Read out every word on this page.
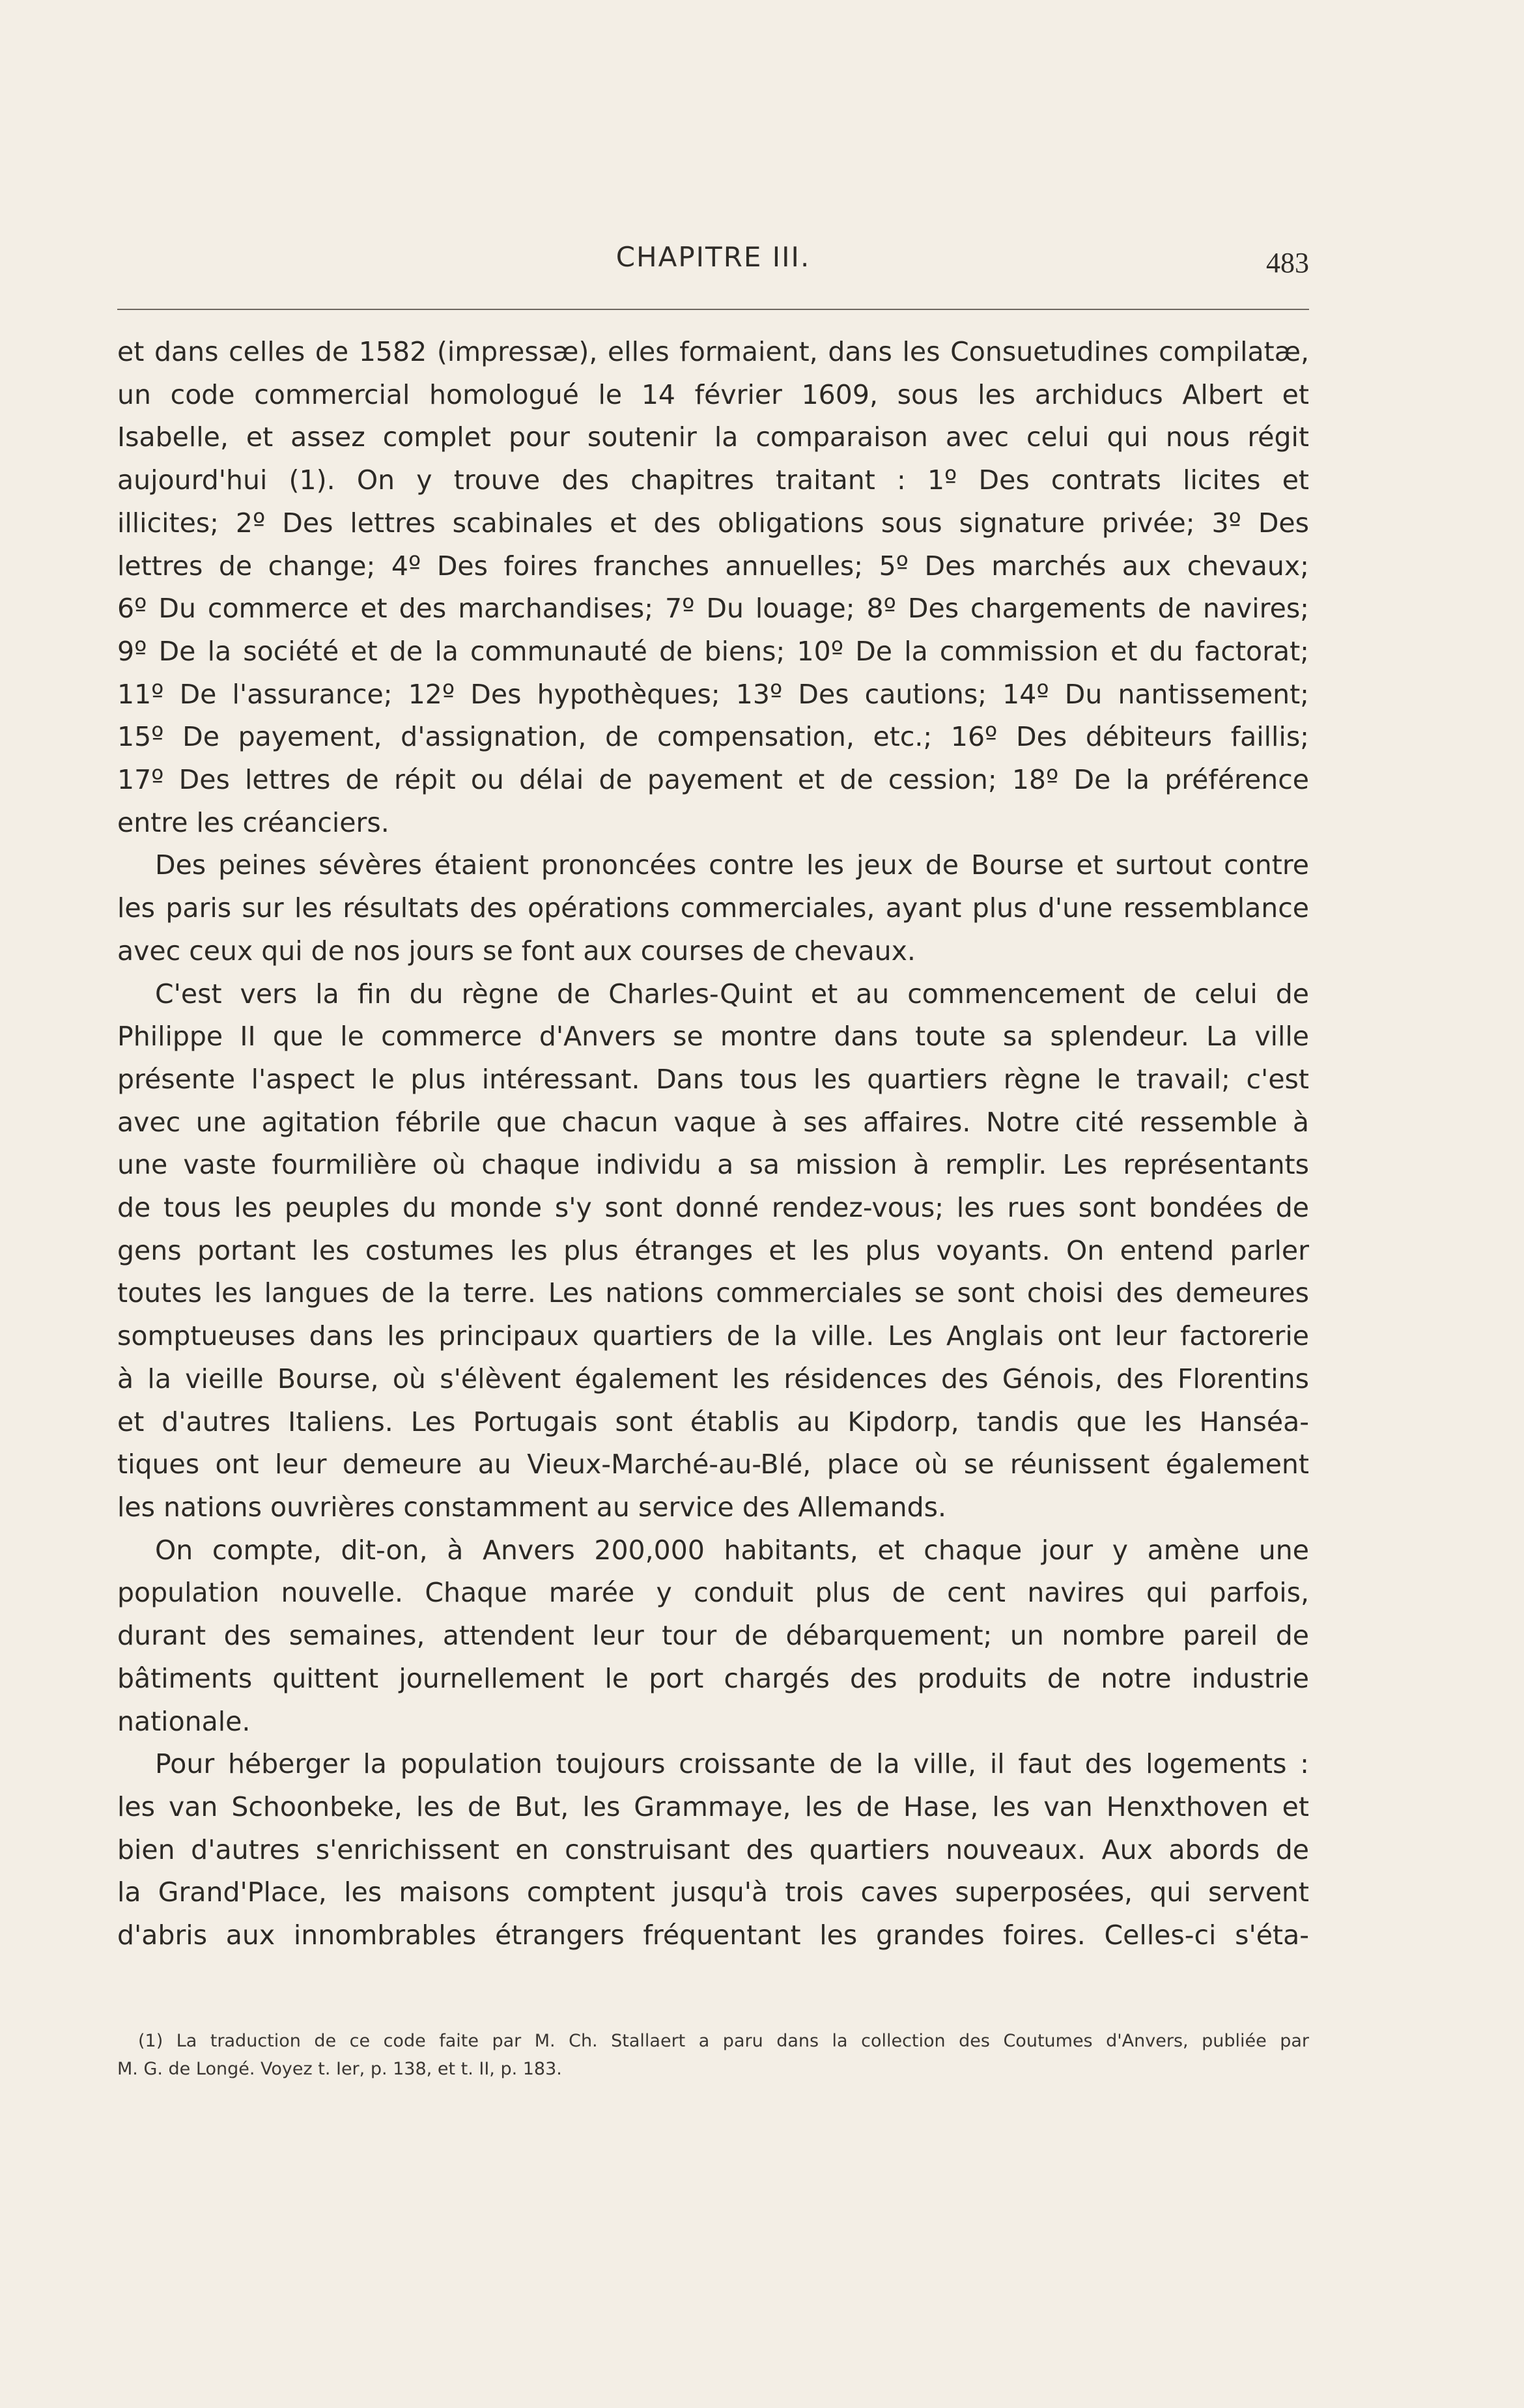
CHAPITRE III.	483

et dans celles de 1582 (impressæ), elles formaient, dans les Consuetudines compilatæ,

un code commercial homologué le 14 février 1609, sous les archiducs Albert et

Isabelle, et assez complet pour soutenir la comparaison avec celui qui nous régit

aujourd'hui (1). On y trouve des chapitres traitant : 1º Des contrats licites et

illicites; 2º Des lettres scabinales et des obligations sous signature privée; 3º Des

lettres de change; 4º Des foires franches annuelles; 5º Des marchés aux chevaux;

6º Du commerce et des marchandises; 7º Du louage; 8º Des chargements de navires;

9º De la société et de la communauté de biens; 10º De la commission et du factorat;

11º De l'assurance; 12º Des hypothèques; 13º Des cautions; 14º Du nantissement;

15º De payement, d'assignation, de compensation, etc.; 16º Des débiteurs faillis;

17º Des lettres de répit ou délai de payement et de cession; 18º De la préférence

entre les créanciers.

Des peines sévères étaient prononcées contre les jeux de Bourse et surtout contre

les paris sur les résultats des opérations commerciales, ayant plus d'une ressemblance

avec ceux qui de nos jours se font aux courses de chevaux.

C'est vers la fin du règne de Charles-Quint et au commencement de celui de

Philippe II que le commerce d'Anvers se montre dans toute sa splendeur. La ville

présente l'aspect le plus intéressant. Dans tous les quartiers règne le travail; c'est

avec une agitation fébrile que chacun vaque à ses affaires. Notre cité ressemble à

une vaste fourmilière où chaque individu a sa mission à remplir. Les représentants

de tous les peuples du monde s'y sont donné rendez-vous; les rues sont bondées de

gens portant les costumes les plus étranges et les plus voyants. On entend parler

toutes les langues de la terre. Les nations commerciales se sont choisi des demeures

somptueuses dans les principaux quartiers de la ville. Les Anglais ont leur factorerie

à la vieille Bourse, où s'élèvent également les résidences des Génois, des Florentins

et d'autres Italiens. Les Portugais sont établis au Kipdorp, tandis que les Hanséa-

tiques ont leur demeure au Vieux-Marché-au-Blé, place où se réunissent également

les nations ouvrières constamment au service des Allemands.

On compte, dit-on, à Anvers 200,000 habitants, et chaque jour y amène une

population nouvelle. Chaque marée y conduit plus de cent navires qui parfois,

durant des semaines, attendent leur tour de débarquement; un nombre pareil de

bâtiments quittent journellement le port chargés des produits de notre industrie

nationale.

Pour héberger la population toujours croissante de la ville, il faut des logements :

les van Schoonbeke, les de But, les Grammaye, les de Hase, les van Henxthoven et

bien d'autres s'enrichissent en construisant des quartiers nouveaux. Aux abords de

la Grand'Place, les maisons comptent jusqu'à trois caves superposées, qui servent

d'abris aux innombrables étrangers fréquentant les grandes foires. Celles-ci s'éta-

(1) La traduction de ce code faite par M. Ch. Stallaert a paru dans la collection des Coutumes d'Anvers, publiée par

M. G. de Longé. Voyez t. Ier, p. 138, et t. II, p. 183.
